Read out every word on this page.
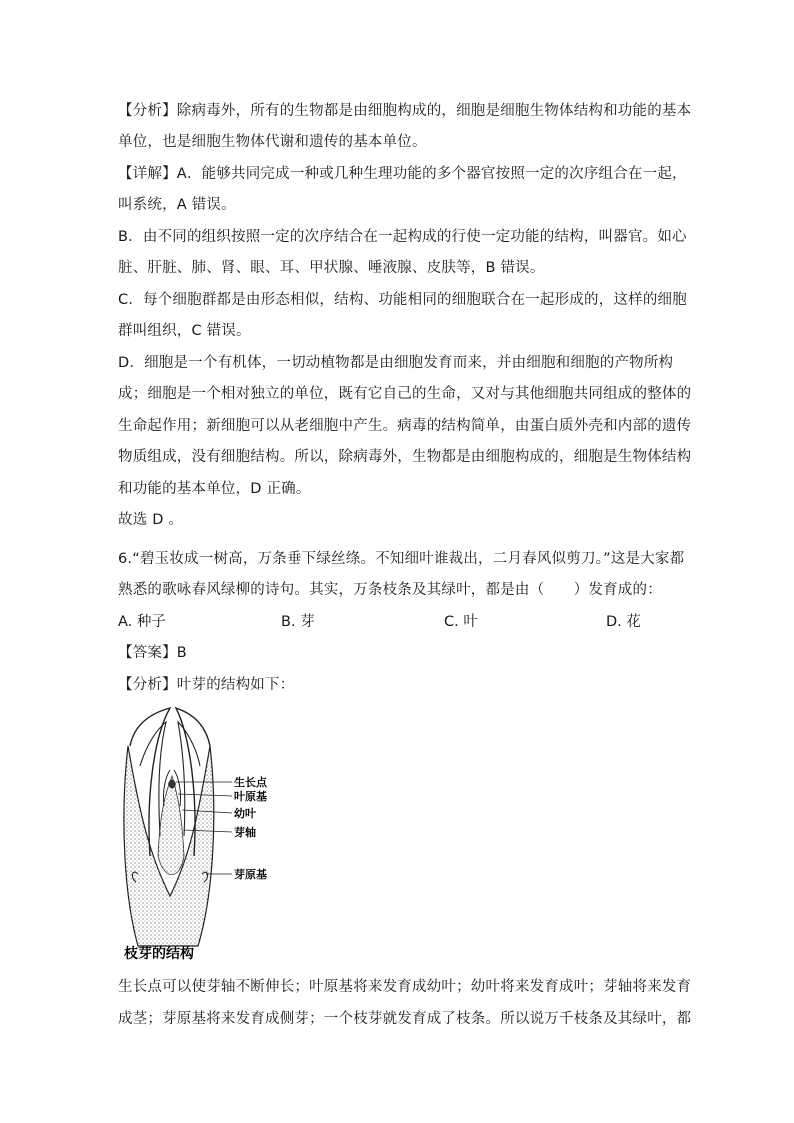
【分析】除病毒外，所有的生物都是由细胞构成的，细胞是细胞生物体结构和功能的基本
单位，也是细胞生物体代谢和遗传的基本单位。
【详解】A．能够共同完成一种或几种生理功能的多个器官按照一定的次序组合在一起，
叫系统，A 错误。
B．由不同的组织按照一定的次序结合在一起构成的行使一定功能的结构，叫器官。如心
脏、肝脏、肺、肾、眼、耳、甲状腺、唾液腺、皮肤等，B 错误。
C．每个细胞群都是由形态相似，结构、功能相同的细胞联合在一起形成的，这样的细胞
群叫组织，C 错误。
D．细胞是一个有机体，一切动植物都是由细胞发育而来，并由细胞和细胞的产物所构
成；细胞是一个相对独立的单位，既有它自己的生命，又对与其他细胞共同组成的整体的
生命起作用；新细胞可以从老细胞中产生。病毒的结构简单，由蛋白质外壳和内部的遗传
物质组成，没有细胞结构。所以，除病毒外，生物都是由细胞构成的，细胞是生物体结构
和功能的基本单位，D 正确。
故选 D 。
6.“碧玉妆成一树高，万条垂下绿丝绦。不知细叶谁裁出，二月春风似剪刀。”这是大家都
熟悉的歌咏春风绿柳的诗句。其实，万条枝条及其绿叶，都是由（　　）发育成的：
A. 种子	B. 芽	C. 叶	D. 花
【答案】B
【分析】叶芽的结构如下：
生长点
叶原基
幼叶
芽轴
芽原基
枝芽的结构
生长点可以使芽轴不断伸长；叶原基将来发育成幼叶；幼叶将来发育成叶；芽轴将来发育
成茎；芽原基将来发育成侧芽；一个枝芽就发育成了枝条。所以说万千枝条及其绿叶，都
